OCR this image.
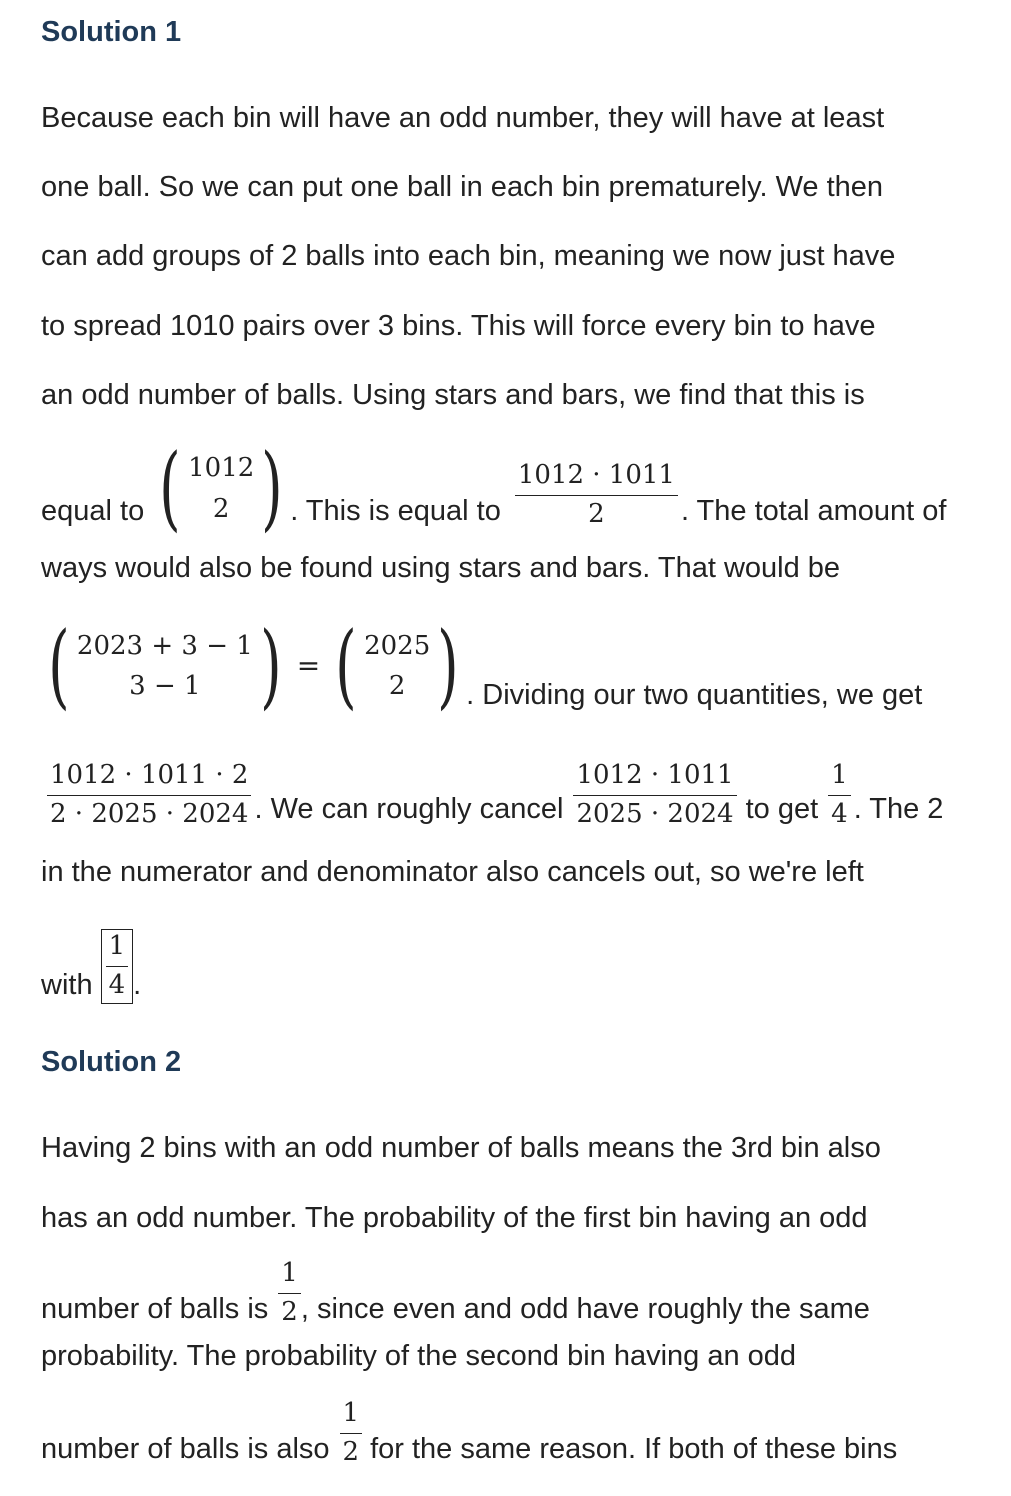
Solution 1
Because each bin will have an odd number, they will have at least
one ball. So we can put one ball in each bin prematurely. We then
can add groups of 2 balls into each bin, meaning we now just have
to spread 1010 pairs over 3 bins. This will force every bin to have
an odd number of balls. Using stars and bars, we find that this is
equal to ( 1012
2 ) . This is equal to $\frac{1012 \cdot 1011}{2}$ . The total amount of
ways would also be found using stars and bars. That would be
( 2023 + 3 − 1
3 − 1 ) = ( 2025
2 ) . Dividing our two quantities, we get
$\frac{1012 \cdot 1011 \cdot 2}{2 \cdot 2025 \cdot 2024}$ . We can roughly cancel $\frac{1012 \cdot 1011}{2025 \cdot 2024}$ to get $\frac{1}{4}$ . The 2
in the numerator and denominator also cancels out, so we're left
with $\frac{1}{4}$ .
Solution 2
Having 2 bins with an odd number of balls means the 3rd bin also
has an odd number. The probability of the first bin having an odd
number of balls is $\frac{1}{2}$ , since even and odd have roughly the same
probability. The probability of the second bin having an odd
number of balls is also $\frac{1}{2}$ for the same reason. If both of these bins
